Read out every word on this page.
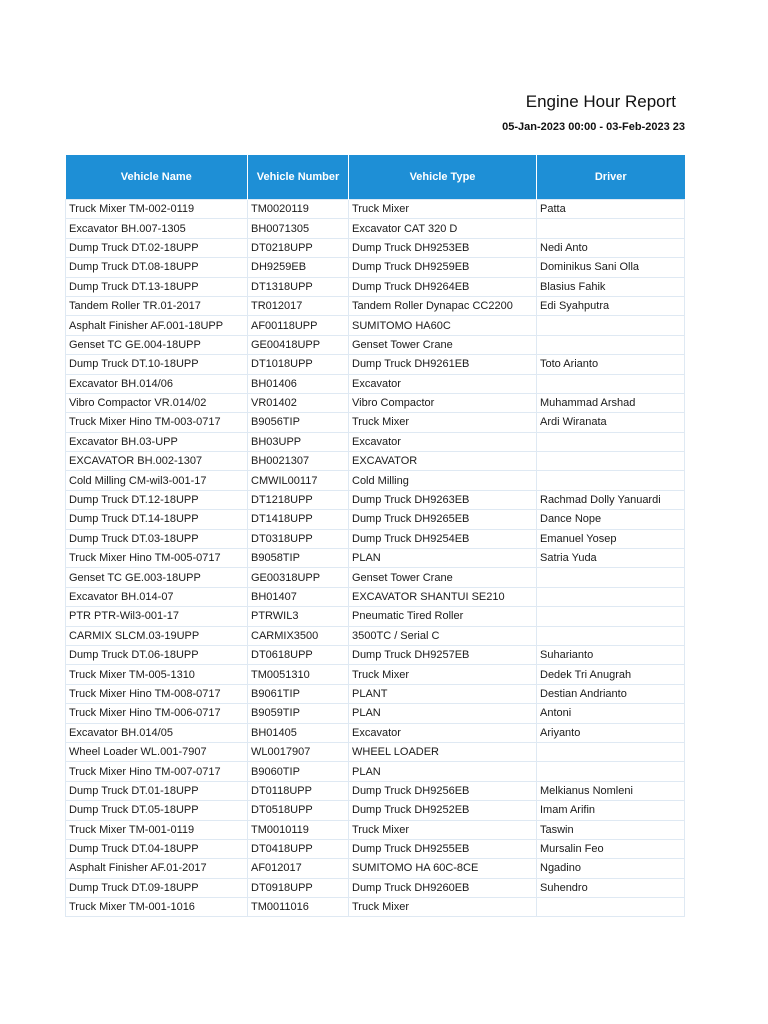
Engine Hour Report
05-Jan-2023 00:00 - 03-Feb-2023 23
Vehicle Name	Vehicle Number	Vehicle Type	Driver
Truck Mixer TM-002-0119	TM0020119	Truck Mixer	Patta
Excavator BH.007-1305	BH0071305	Excavator CAT 320 D	
Dump Truck DT.02-18UPP	DT0218UPP	Dump Truck DH9253EB	Nedi Anto
Dump Truck DT.08-18UPP	DH9259EB	Dump Truck DH9259EB	Dominikus Sani Olla
Dump Truck DT.13-18UPP	DT1318UPP	Dump Truck DH9264EB	Blasius Fahik
Tandem Roller TR.01-2017	TR012017	Tandem Roller Dynapac CC2200	Edi Syahputra
Asphalt Finisher AF.001-18UPP	AF00118UPP	SUMITOMO HA60C	
Genset TC GE.004-18UPP	GE00418UPP	Genset Tower Crane	
Dump Truck DT.10-18UPP	DT1018UPP	Dump Truck DH9261EB	Toto Arianto
Excavator BH.014/06	BH01406	Excavator	
Vibro Compactor VR.014/02	VR01402	Vibro Compactor	Muhammad Arshad
Truck Mixer Hino TM-003-0717	B9056TIP	Truck Mixer	Ardi Wiranata
Excavator BH.03-UPP	BH03UPP	Excavator	
EXCAVATOR BH.002-1307	BH0021307	EXCAVATOR	
Cold Milling CM-wil3-001-17	CMWIL00117	Cold Milling	
Dump Truck DT.12-18UPP	DT1218UPP	Dump Truck DH9263EB	Rachmad Dolly Yanuardi
Dump Truck DT.14-18UPP	DT1418UPP	Dump Truck DH9265EB	Dance Nope
Dump Truck DT.03-18UPP	DT0318UPP	Dump Truck DH9254EB	Emanuel Yosep
Truck Mixer Hino TM-005-0717	B9058TIP	PLAN	Satria Yuda
Genset TC GE.003-18UPP	GE00318UPP	Genset Tower Crane	
Excavator BH.014-07	BH01407	EXCAVATOR SHANTUI SE210	
PTR PTR-Wil3-001-17	PTRWIL3	Pneumatic Tired Roller	
CARMIX SLCM.03-19UPP	CARMIX3500	3500TC / Serial C	
Dump Truck DT.06-18UPP	DT0618UPP	Dump Truck DH9257EB	Suharianto
Truck Mixer TM-005-1310	TM0051310	Truck Mixer	Dedek Tri Anugrah
Truck Mixer Hino TM-008-0717	B9061TIP	PLANT	Destian Andrianto
Truck Mixer Hino TM-006-0717	B9059TIP	PLAN	Antoni
Excavator BH.014/05	BH01405	Excavator	Ariyanto
Wheel Loader WL.001-7907	WL0017907	WHEEL LOADER	
Truck Mixer Hino TM-007-0717	B9060TIP	PLAN	
Dump Truck DT.01-18UPP	DT0118UPP	Dump Truck DH9256EB	Melkianus Nomleni
Dump Truck DT.05-18UPP	DT0518UPP	Dump Truck DH9252EB	Imam Arifin
Truck Mixer TM-001-0119	TM0010119	Truck Mixer	Taswin
Dump Truck DT.04-18UPP	DT0418UPP	Dump Truck DH9255EB	Mursalin Feo
Asphalt Finisher AF.01-2017	AF012017	SUMITOMO HA 60C-8CE	Ngadino
Dump Truck DT.09-18UPP	DT0918UPP	Dump Truck DH9260EB	Suhendro
Truck Mixer TM-001-1016	TM0011016	Truck Mixer	
